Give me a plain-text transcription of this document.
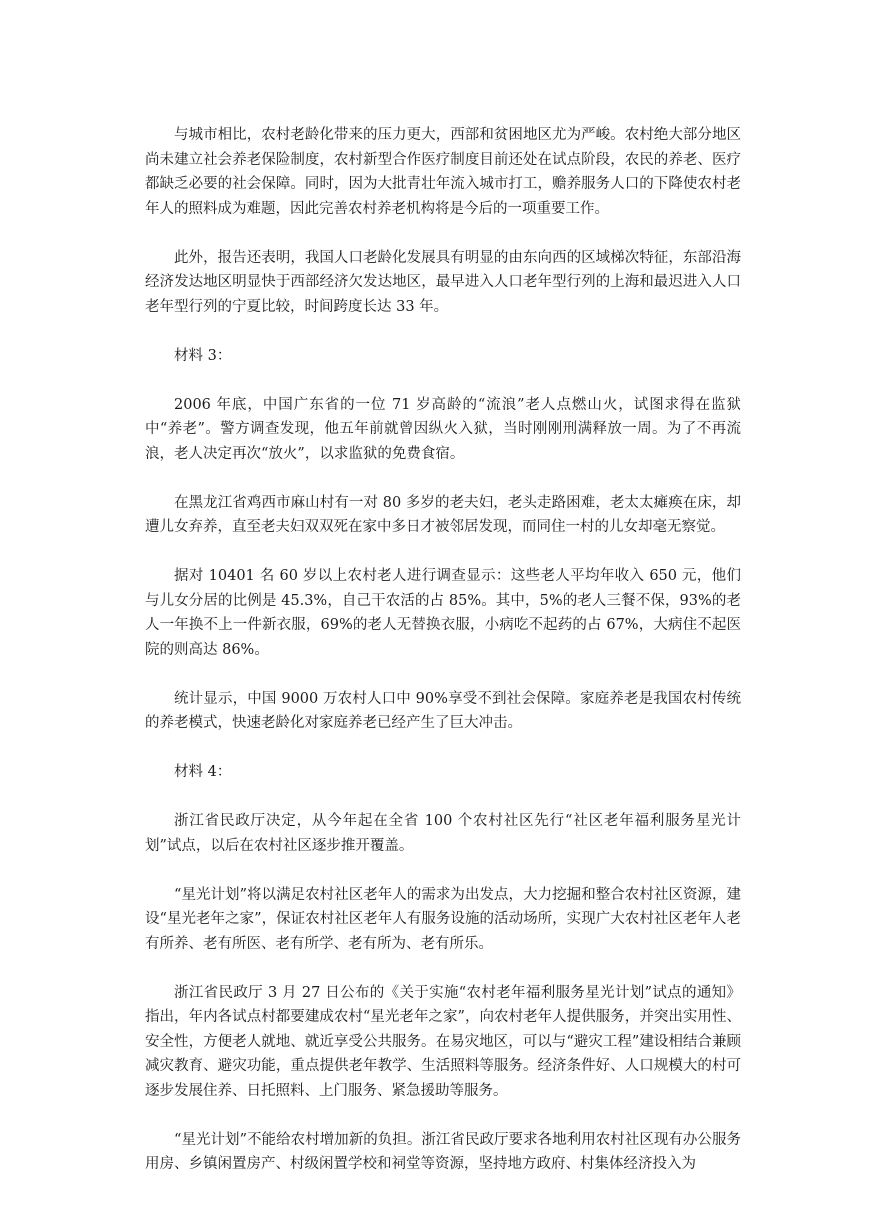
与城市相比，农村老龄化带来的压力更大，西部和贫困地区尤为严峻。农村绝大部分地区尚未建立社会养老保险制度，农村新型合作医疗制度目前还处在试点阶段，农民的养老、医疗都缺乏必要的社会保障。同时，因为大批青壮年流入城市打工，赡养服务人口的下降使农村老年人的照料成为难题，因此完善农村养老机构将是今后的一项重要工作。

此外，报告还表明，我国人口老龄化发展具有明显的由东向西的区域梯次特征，东部沿海经济发达地区明显快于西部经济欠发达地区，最早进入人口老年型行列的上海和最迟进入人口老年型行列的宁夏比较，时间跨度长达 33 年。

材料 3：

2006 年底，中国广东省的一位 71 岁高龄的“流浪”老人点燃山火，试图求得在监狱中“养老”。警方调查发现，他五年前就曾因纵火入狱，当时刚刚刑满释放一周。为了不再流浪，老人决定再次“放火”，以求监狱的免费食宿。

在黑龙江省鸡西市麻山村有一对 80 多岁的老夫妇，老头走路困难，老太太瘫痪在床，却遭儿女弃养，直至老夫妇双双死在家中多日才被邻居发现，而同住一村的儿女却毫无察觉。

据对 10401 名 60 岁以上农村老人进行调查显示：这些老人平均年收入 650 元，他们与儿女分居的比例是 45.3%，自己干农活的占 85%。其中，5%的老人三餐不保，93%的老人一年换不上一件新衣服，69%的老人无替换衣服，小病吃不起药的占 67%，大病住不起医院的则高达 86%。

统计显示，中国 9000 万农村人口中 90%享受不到社会保障。家庭养老是我国农村传统的养老模式，快速老龄化对家庭养老已经产生了巨大冲击。

材料 4：

浙江省民政厅决定，从今年起在全省 100 个农村社区先行“社区老年福利服务星光计划”试点，以后在农村社区逐步推开覆盖。

“星光计划”将以满足农村社区老年人的需求为出发点，大力挖掘和整合农村社区资源，建设“星光老年之家”，保证农村社区老年人有服务设施的活动场所，实现广大农村社区老年人老有所养、老有所医、老有所学、老有所为、老有所乐。

浙江省民政厅 3 月 27 日公布的《关于实施“农村老年福利服务星光计划”试点的通知》指出，年内各试点村都要建成农村“星光老年之家”，向农村老年人提供服务，并突出实用性、安全性，方便老人就地、就近享受公共服务。在易灾地区，可以与“避灾工程”建设相结合兼顾减灾教育、避灾功能，重点提供老年教学、生活照料等服务。经济条件好、人口规模大的村可逐步发展住养、日托照料、上门服务、紧急援助等服务。

“星光计划”不能给农村增加新的负担。浙江省民政厅要求各地利用农村社区现有办公服务用房、乡镇闲置房产、村级闲置学校和祠堂等资源，坚持地方政府、村集体经济投入为
